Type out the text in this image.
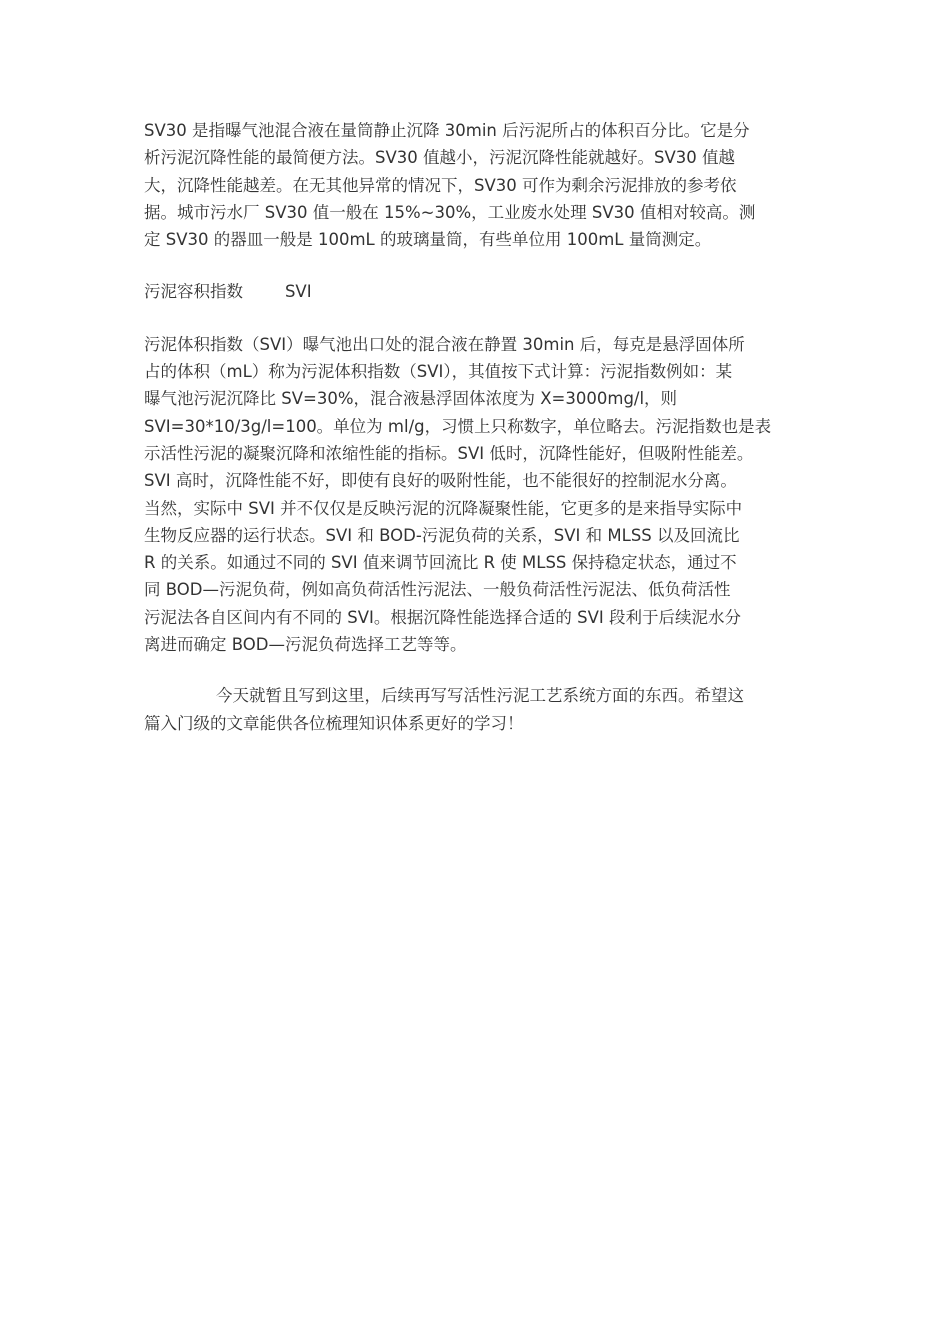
SV30 是指曝气池混合液在量筒静止沉降 30min 后污泥所占的体积百分比。它是分
析污泥沉降性能的最简便方法。SV30 值越小，污泥沉降性能就越好。SV30 值越
大，沉降性能越差。在无其他异常的情况下，SV30 可作为剩余污泥排放的参考依
据。城市污水厂 SV30 值一般在 15%~30%，工业废水处理 SV30 值相对较高。测
定 SV30 的器皿一般是 100mL 的玻璃量筒，有些单位用 100mL 量筒测定。

污泥容积指数        SVI

污泥体积指数（SVI）曝气池出口处的混合液在静置 30min 后，每克是悬浮固体所
占的体积（mL）称为污泥体积指数（SVI），其值按下式计算：污泥指数例如：某
曝气池污泥沉降比 SV=30%，混合液悬浮固体浓度为 X=3000mg/l，则
SVI=30*10/3g/l=100。单位为 ml/g，习惯上只称数字，单位略去。污泥指数也是表
示活性污泥的凝聚沉降和浓缩性能的指标。SVI 低时，沉降性能好，但吸附性能差。
SVI 高时，沉降性能不好，即使有良好的吸附性能，也不能很好的控制泥水分离。
当然，实际中 SVI 并不仅仅是反映污泥的沉降凝聚性能，它更多的是来指导实际中
生物反应器的运行状态。SVI 和 BOD-污泥负荷的关系，SVI 和 MLSS 以及回流比
R 的关系。如通过不同的 SVI 值来调节回流比 R 使 MLSS 保持稳定状态，通过不
同 BOD—污泥负荷，例如高负荷活性污泥法、一般负荷活性污泥法、低负荷活性
污泥法各自区间内有不同的 SVI。根据沉降性能选择合适的 SVI 段利于后续泥水分
离进而确定 BOD—污泥负荷选择工艺等等。

今天就暂且写到这里，后续再写写活性污泥工艺系统方面的东西。希望这
篇入门级的文章能供各位梳理知识体系更好的学习！
